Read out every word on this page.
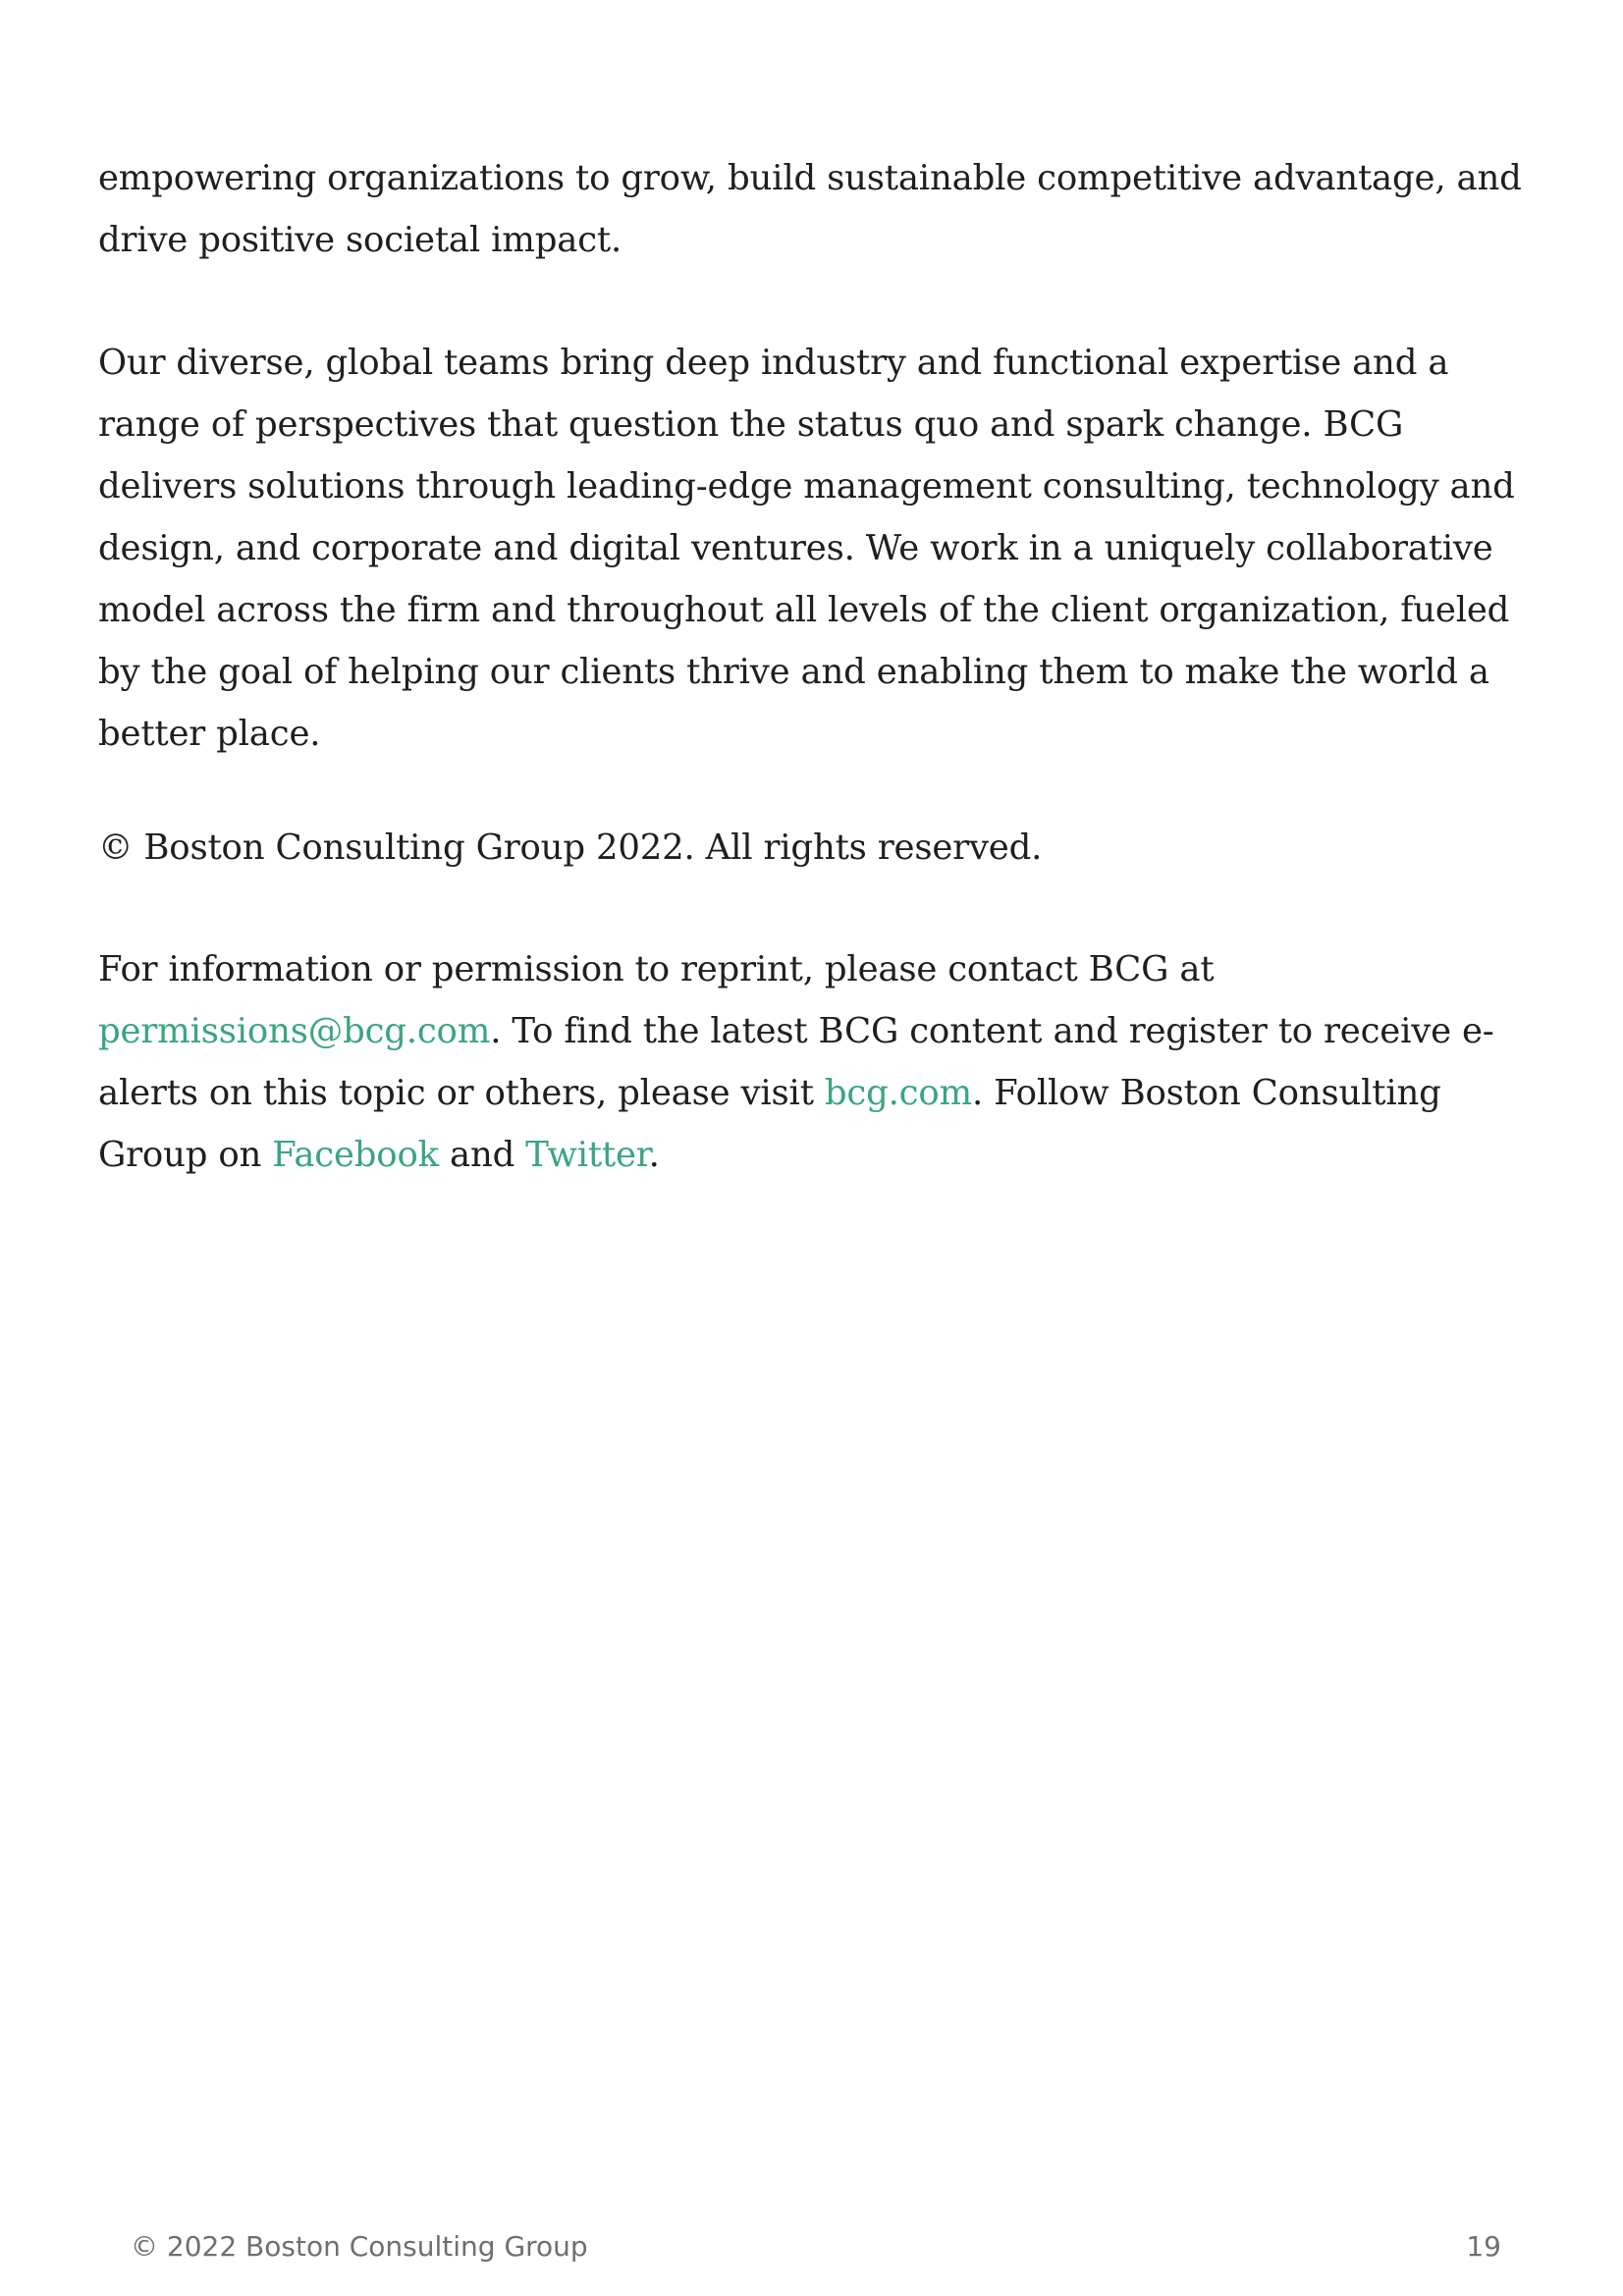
empowering organizations to grow, build sustainable competitive advantage, and drive positive societal impact.

Our diverse, global teams bring deep industry and functional expertise and a range of perspectives that question the status quo and spark change. BCG delivers solutions through leading-edge management consulting, technology and design, and corporate and digital ventures. We work in a uniquely collaborative model across the firm and throughout all levels of the client organization, fueled by the goal of helping our clients thrive and enabling them to make the world a better place.

© Boston Consulting Group 2022. All rights reserved.

For information or permission to reprint, please contact BCG at permissions@bcg.com. To find the latest BCG content and register to receive e-alerts on this topic or others, please visit bcg.com. Follow Boston Consulting Group on Facebook and Twitter.

© 2022 Boston Consulting Group	19
